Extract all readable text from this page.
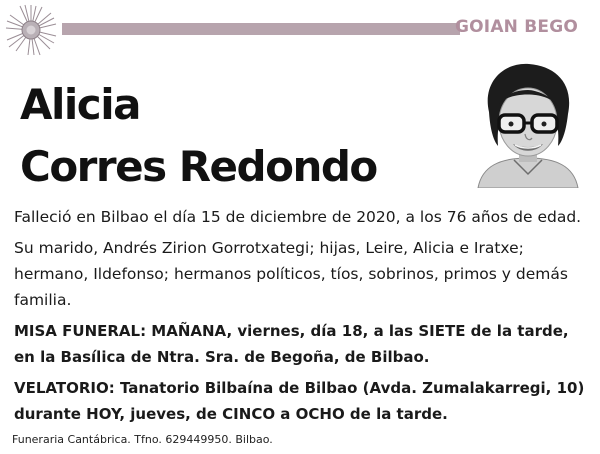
GOIAN BEGO
Alicia
Corres Redondo

Falleció en Bilbao el día 15 de diciembre de 2020, a los 76 años de edad.

Su marido, Andrés Zirion Gorrotxategi; hijas, Leire, Alicia e Iratxe; hermano, Ildefonso; hermanos políticos, tíos, sobrinos, primos y demás familia.

MISA FUNERAL: MAÑANA, viernes, día 18, a las SIETE de la tarde, en la Basílica de Ntra. Sra. de Begoña, de Bilbao.

VELATORIO: Tanatorio Bilbaína de Bilbao (Avda. Zumalakarregi, 10) durante HOY, jueves, de CINCO a OCHO de la tarde.

Funeraria Cantábrica. Tfno. 629449950. Bilbao.
